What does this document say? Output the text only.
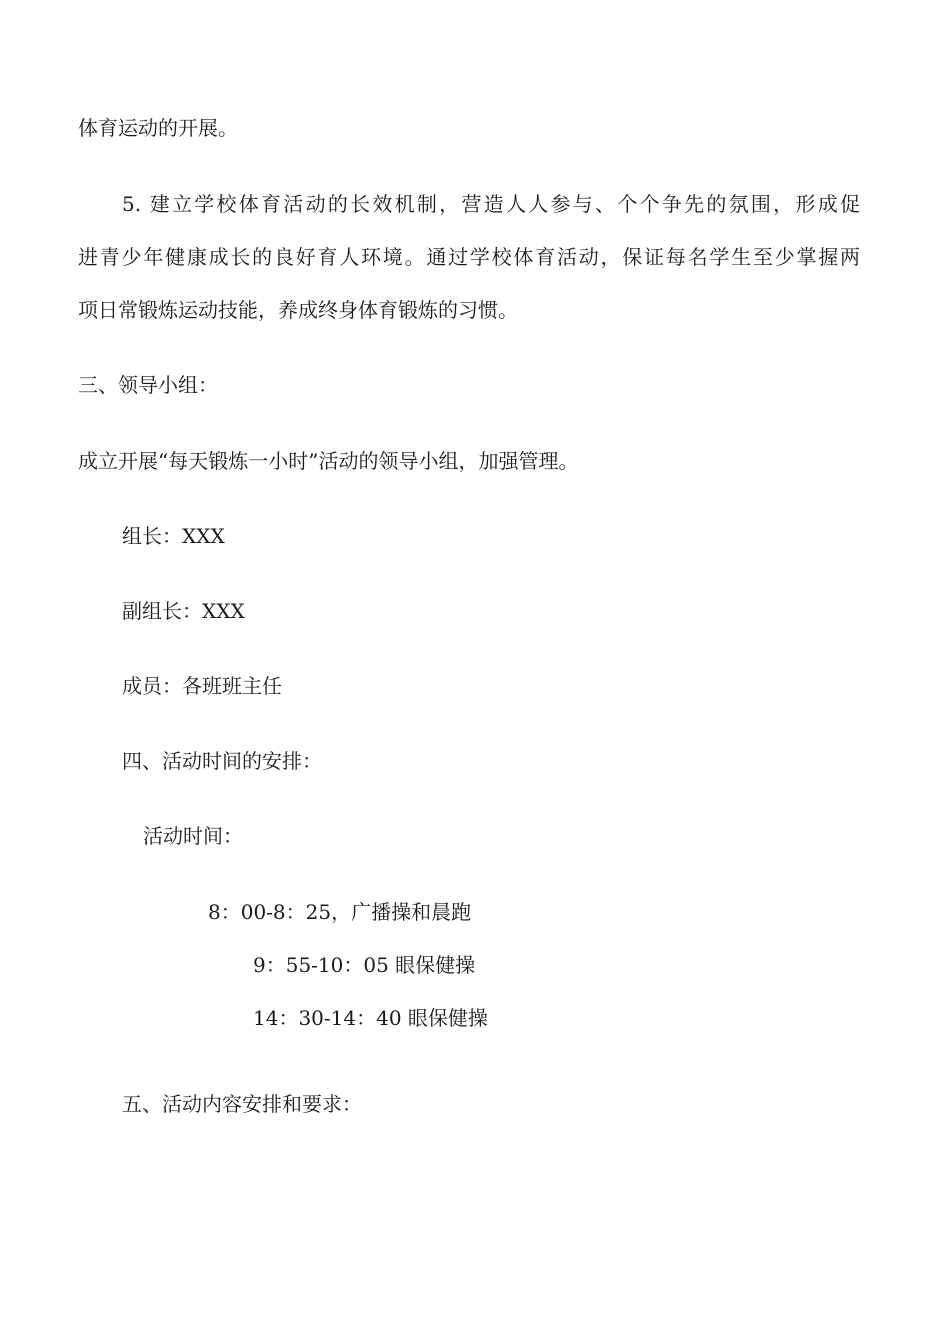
体育运动的开展。
5. 建立学校体育活动的长效机制，营造人人参与、个个争先的氛围，形成促
进青少年健康成长的良好育人环境。通过学校体育活动，保证每名学生至少掌握两
项日常锻炼运动技能，养成终身体育锻炼的习惯。
三、领导小组：
成立开展“每天锻炼一小时”活动的领导小组，加强管理。
组长：XXX
副组长：XXX
成员：各班班主任
四、活动时间的安排：
活动时间：
8：00-8：25，广播操和晨跑
9：55-10：05 眼保健操
14：30-14：40 眼保健操
五、活动内容安排和要求：
